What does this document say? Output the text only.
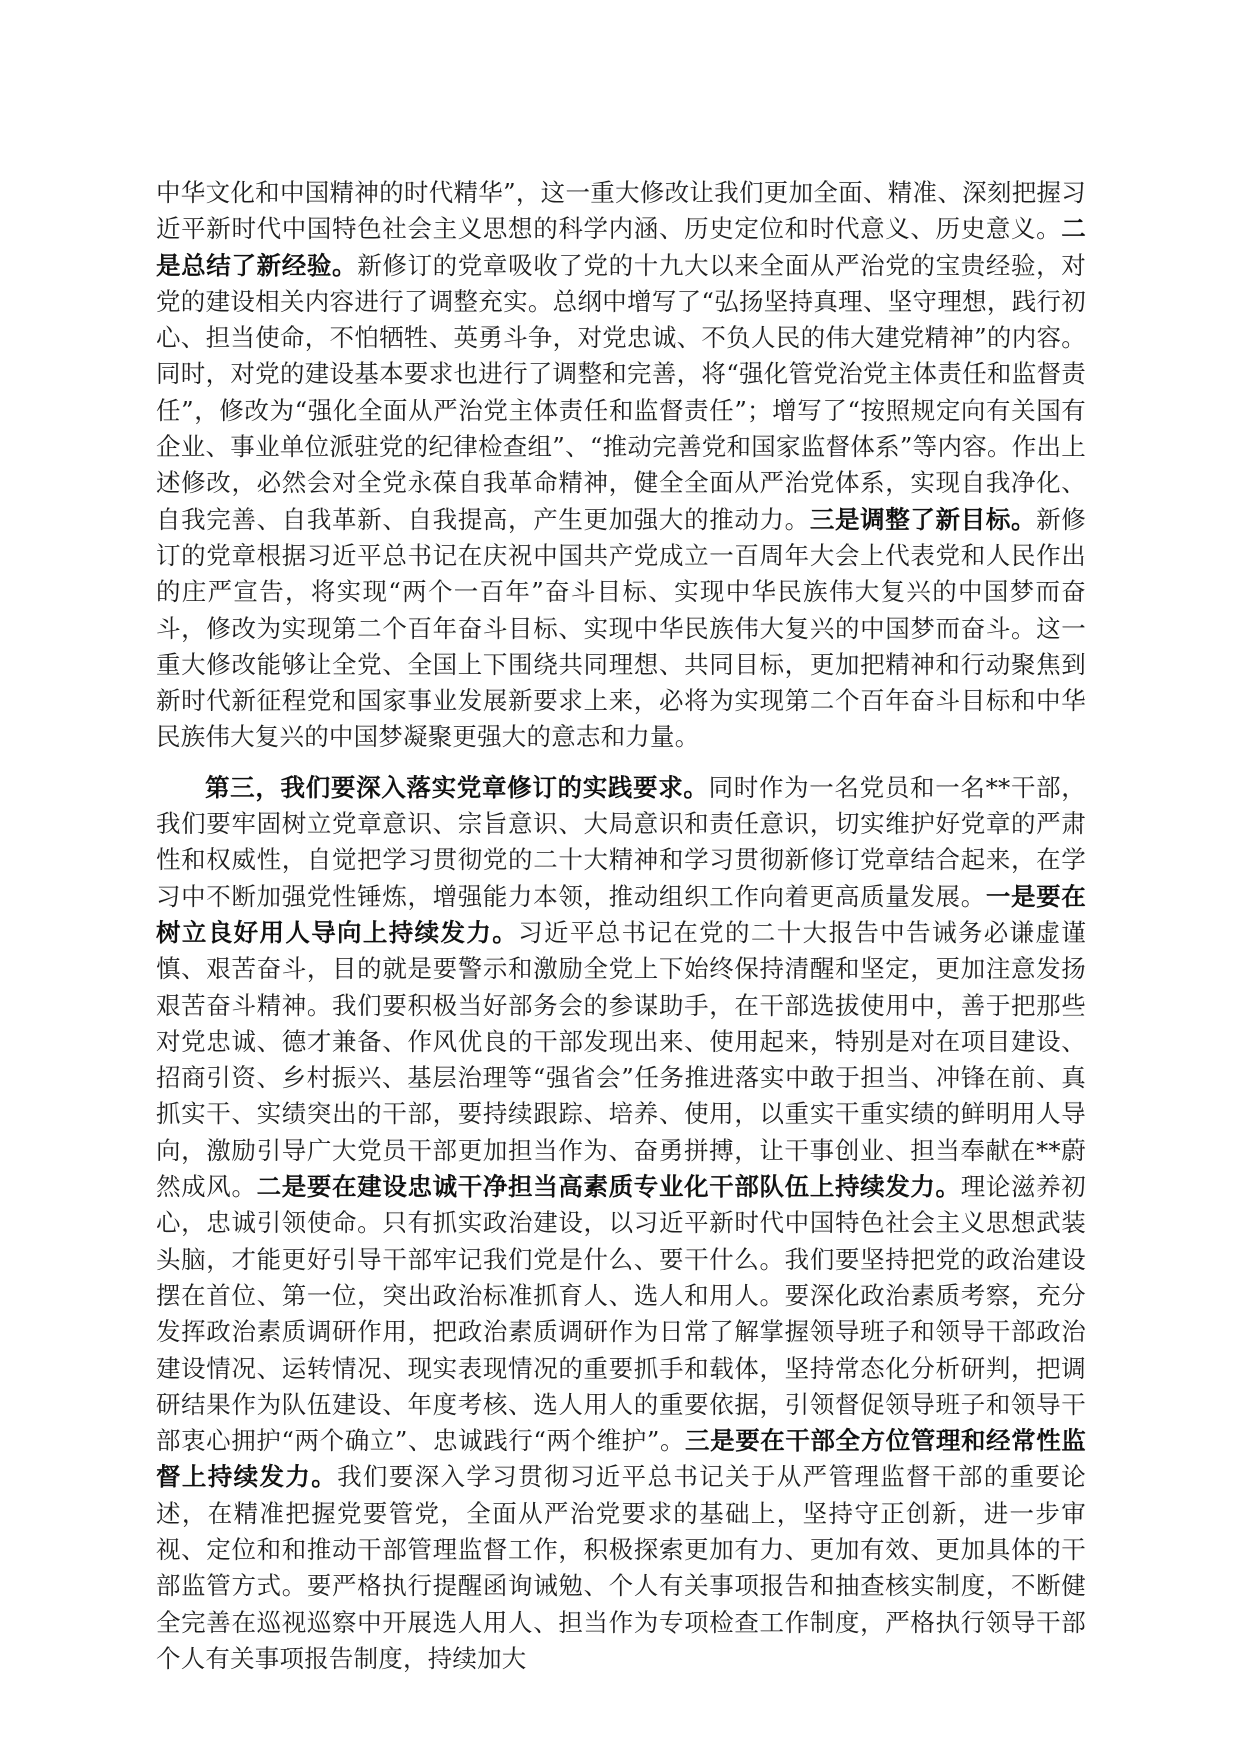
中华文化和中国精神的时代精华”，这一重大修改让我们更加全面、精准、深刻把握习近平新时代中国特色社会主义思想的科学内涵、历史定位和时代意义、历史意义。二是总结了新经验。新修订的党章吸收了党的十九大以来全面从严治党的宝贵经验，对党的建设相关内容进行了调整充实。总纲中增写了“弘扬坚持真理、坚守理想，践行初心、担当使命，不怕牺牲、英勇斗争，对党忠诚、不负人民的伟大建党精神”的内容。同时，对党的建设基本要求也进行了调整和完善，将“强化管党治党主体责任和监督责任”，修改为“强化全面从严治党主体责任和监督责任”；增写了“按照规定向有关国有企业、事业单位派驻党的纪律检查组”、“推动完善党和国家监督体系”等内容。作出上述修改，必然会对全党永葆自我革命精神，健全全面从严治党体系，实现自我净化、自我完善、自我革新、自我提高，产生更加强大的推动力。三是调整了新目标。新修订的党章根据习近平总书记在庆祝中国共产党成立一百周年大会上代表党和人民作出的庄严宣告，将实现“两个一百年”奋斗目标、实现中华民族伟大复兴的中国梦而奋斗，修改为实现第二个百年奋斗目标、实现中华民族伟大复兴的中国梦而奋斗。这一重大修改能够让全党、全国上下围绕共同理想、共同目标，更加把精神和行动聚焦到新时代新征程党和国家事业发展新要求上来，必将为实现第二个百年奋斗目标和中华民族伟大复兴的中国梦凝聚更强大的意志和力量。

第三，我们要深入落实党章修订的实践要求。同时作为一名党员和一名**干部，我们要牢固树立党章意识、宗旨意识、大局意识和责任意识，切实维护好党章的严肃性和权威性，自觉把学习贯彻党的二十大精神和学习贯彻新修订党章结合起来，在学习中不断加强党性锤炼，增强能力本领，推动组织工作向着更高质量发展。一是要在树立良好用人导向上持续发力。习近平总书记在党的二十大报告中告诫务必谦虚谨慎、艰苦奋斗，目的就是要警示和激励全党上下始终保持清醒和坚定，更加注意发扬艰苦奋斗精神。我们要积极当好部务会的参谋助手，在干部选拔使用中，善于把那些对党忠诚、德才兼备、作风优良的干部发现出来、使用起来，特别是对在项目建设、招商引资、乡村振兴、基层治理等“强省会”任务推进落实中敢于担当、冲锋在前、真抓实干、实绩突出的干部，要持续跟踪、培养、使用，以重实干重实绩的鲜明用人导向，激励引导广大党员干部更加担当作为、奋勇拼搏，让干事创业、担当奉献在**蔚然成风。二是要在建设忠诚干净担当高素质专业化干部队伍上持续发力。理论滋养初心，忠诚引领使命。只有抓实政治建设，以习近平新时代中国特色社会主义思想武装头脑，才能更好引导干部牢记我们党是什么、要干什么。我们要坚持把党的政治建设摆在首位、第一位，突出政治标准抓育人、选人和用人。要深化政治素质考察，充分发挥政治素质调研作用，把政治素质调研作为日常了解掌握领导班子和领导干部政治建设情况、运转情况、现实表现情况的重要抓手和载体，坚持常态化分析研判，把调研结果作为队伍建设、年度考核、选人用人的重要依据，引领督促领导班子和领导干部衷心拥护“两个确立”、忠诚践行“两个维护”。三是要在干部全方位管理和经常性监督上持续发力。我们要深入学习贯彻习近平总书记关于从严管理监督干部的重要论述，在精准把握党要管党，全面从严治党要求的基础上，坚持守正创新，进一步审视、定位和和推动干部管理监督工作，积极探索更加有力、更加有效、更加具体的干部监管方式。要严格执行提醒函询诫勉、个人有关事项报告和抽查核实制度，不断健全完善在巡视巡察中开展选人用人、担当作为专项检查工作制度，严格执行领导干部个人有关事项报告制度，持续加大
